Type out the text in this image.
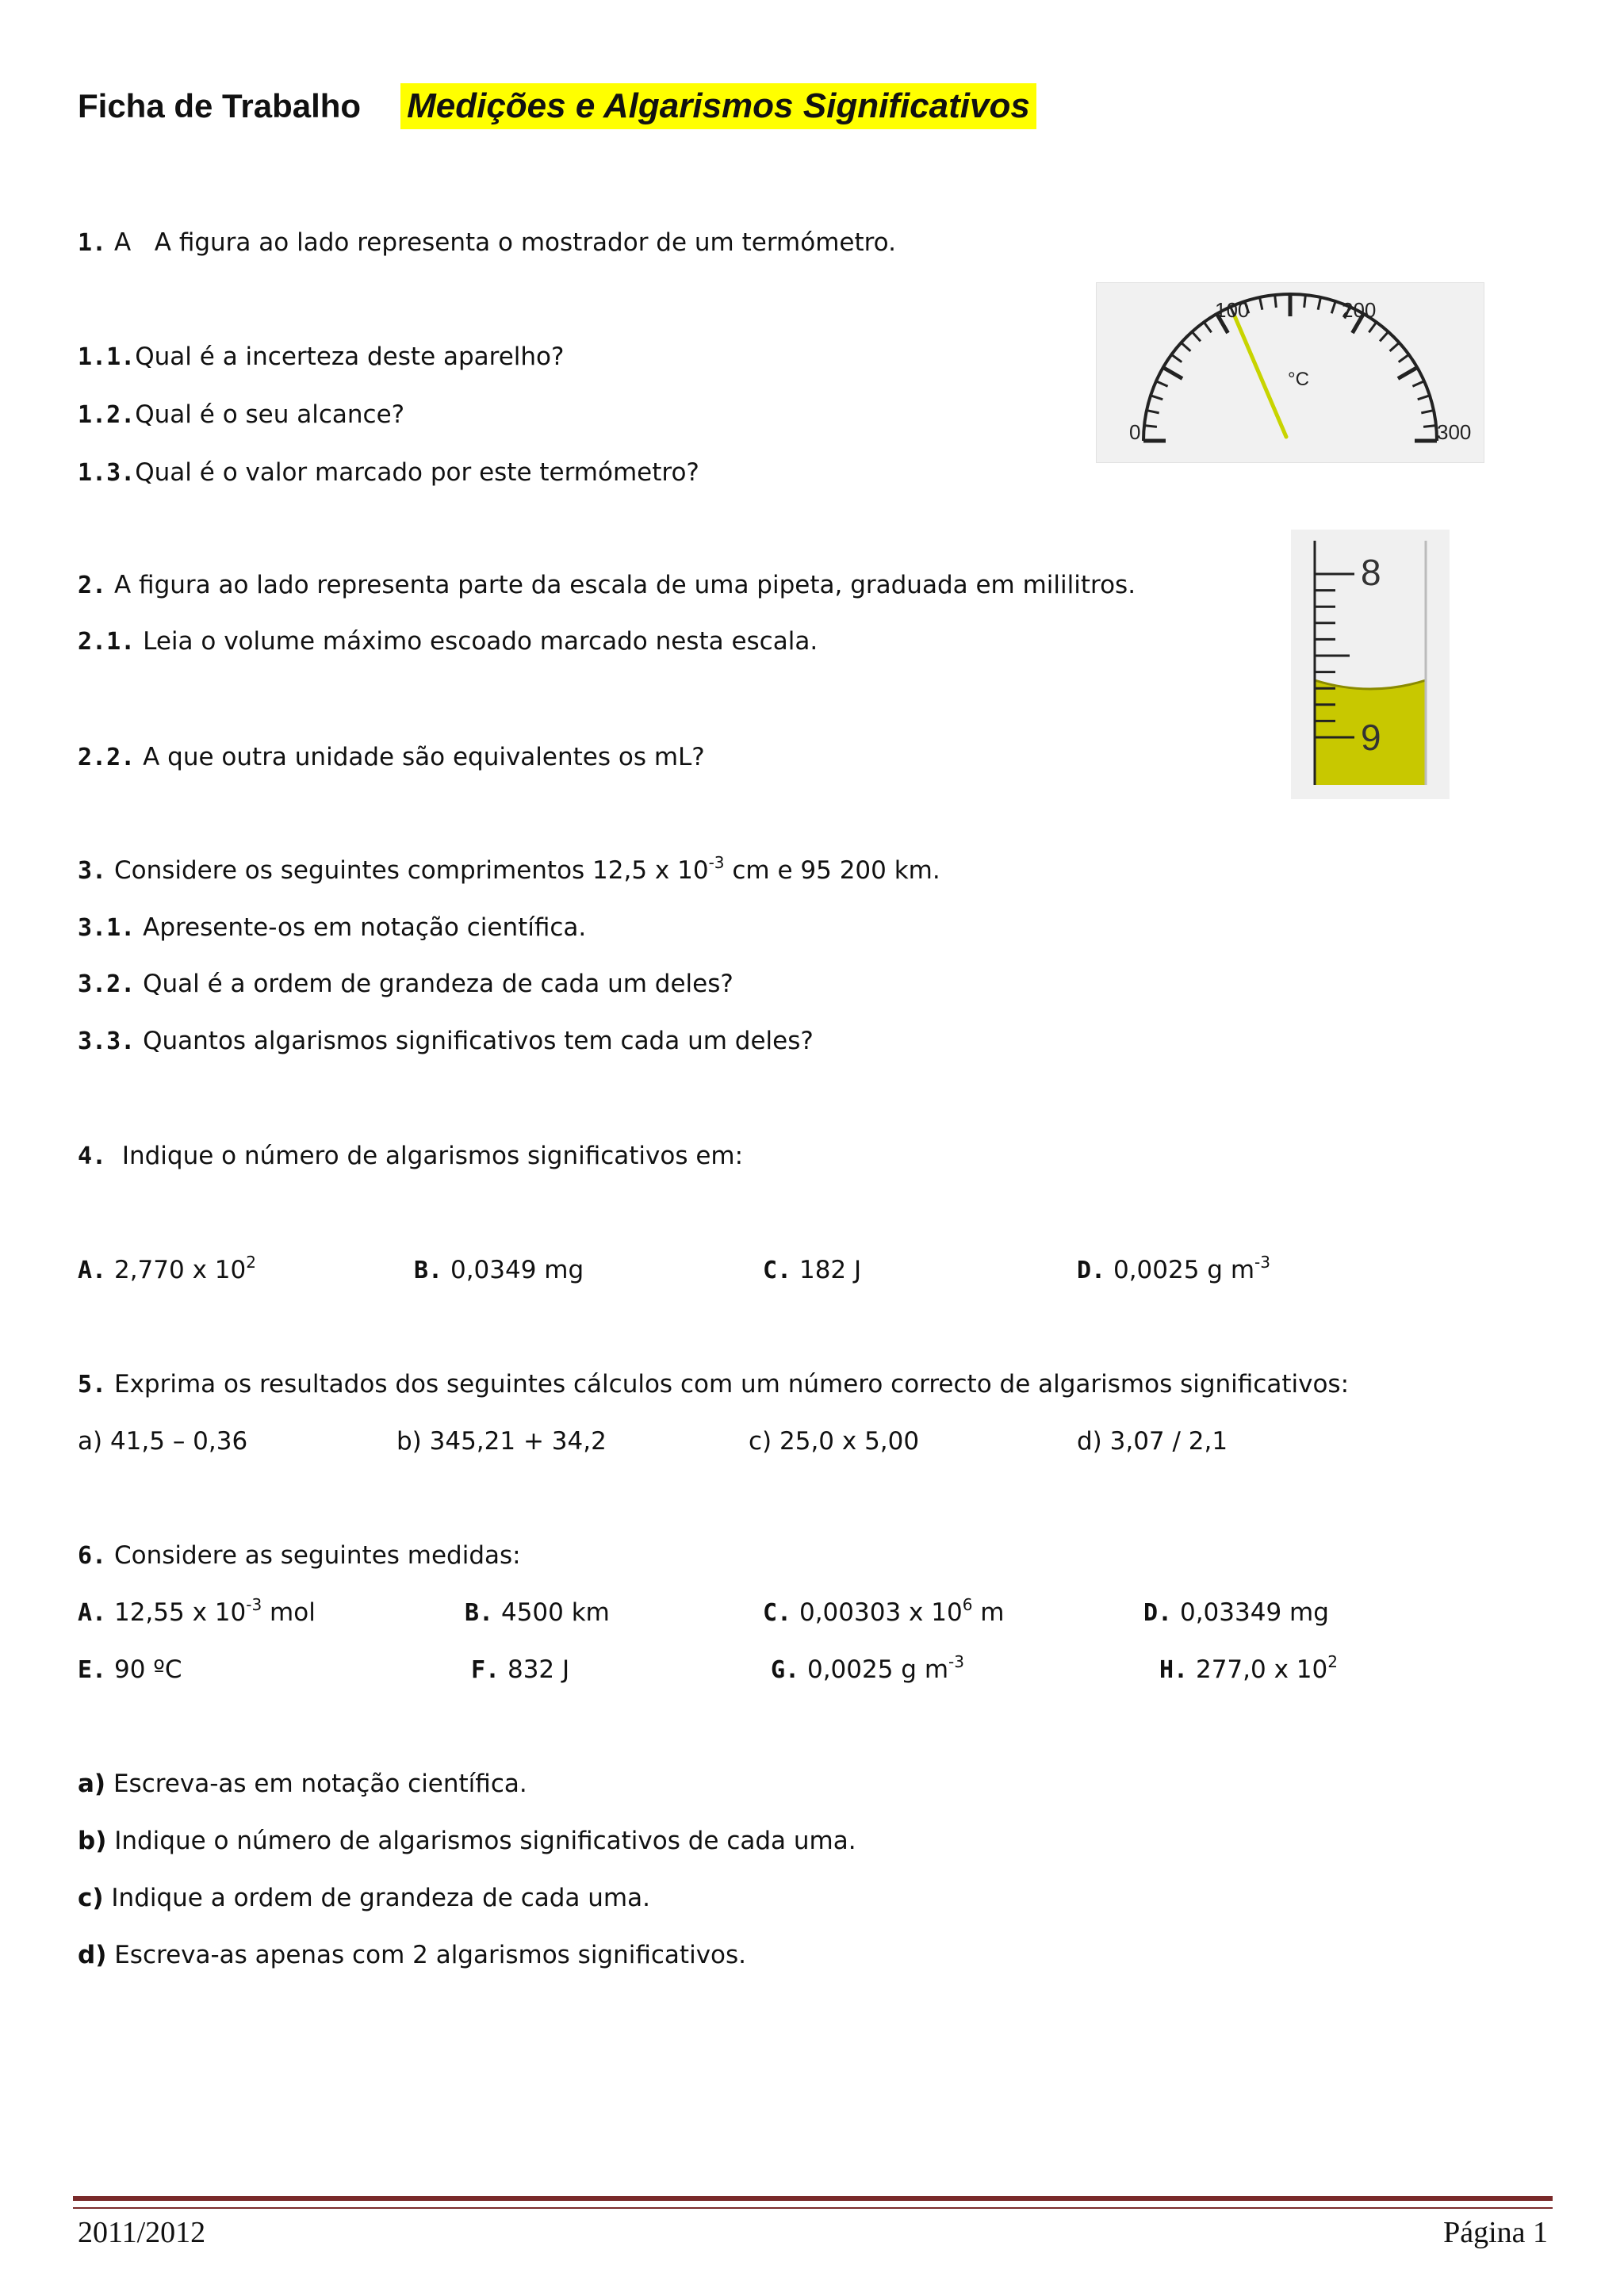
Ficha de Trabalho Medições e Algarismos Significativos
1. A A figura ao lado representa o mostrador de um termómetro.
1.1.Qual é a incerteza deste aparelho?
1.2.Qual é o seu alcance?
1.3.Qual é o valor marcado por este termómetro?
100	200
0	300
°C
2. A figura ao lado representa parte da escala de uma pipeta, graduada em mililitros.
2.1. Leia o volume máximo escoado marcado nesta escala.
2.2. A que outra unidade são equivalentes os mL?
8
9
3. Considere os seguintes comprimentos 12,5 x $10^{-3}$ cm e 95 200 km.
3.1. Apresente-os em notação científica.
3.2. Qual é a ordem de grandeza de cada um deles?
3.3. Quantos algarismos significativos tem cada um deles?
4. Indique o número de algarismos significativos em:
A. 2,770 x $10^2$	B. 0,0349 mg	C. 182 J	D. 0,0025 g $m^{-3}$
5. Exprima os resultados dos seguintes cálculos com um número correcto de algarismos significativos:
a) 41,5 – 0,36	b) 345,21 + 34,2	c) 25,0 x 5,00	d) 3,07 / 2,1
6. Considere as seguintes medidas:
A. 12,55 x $10^{-3}$ mol	B. 4500 km	C. 0,00303 x $10^6$ m	D. 0,03349 mg
E. 90 ºC	F. 832 J	G. 0,0025 g $m^{-3}$	H. 277,0 x $10^2$
a) Escreva-as em notação científica.
b) Indique o número de algarismos significativos de cada uma.
c) Indique a ordem de grandeza de cada uma.
d) Escreva-as apenas com 2 algarismos significativos.
2011/2012	Página 1
